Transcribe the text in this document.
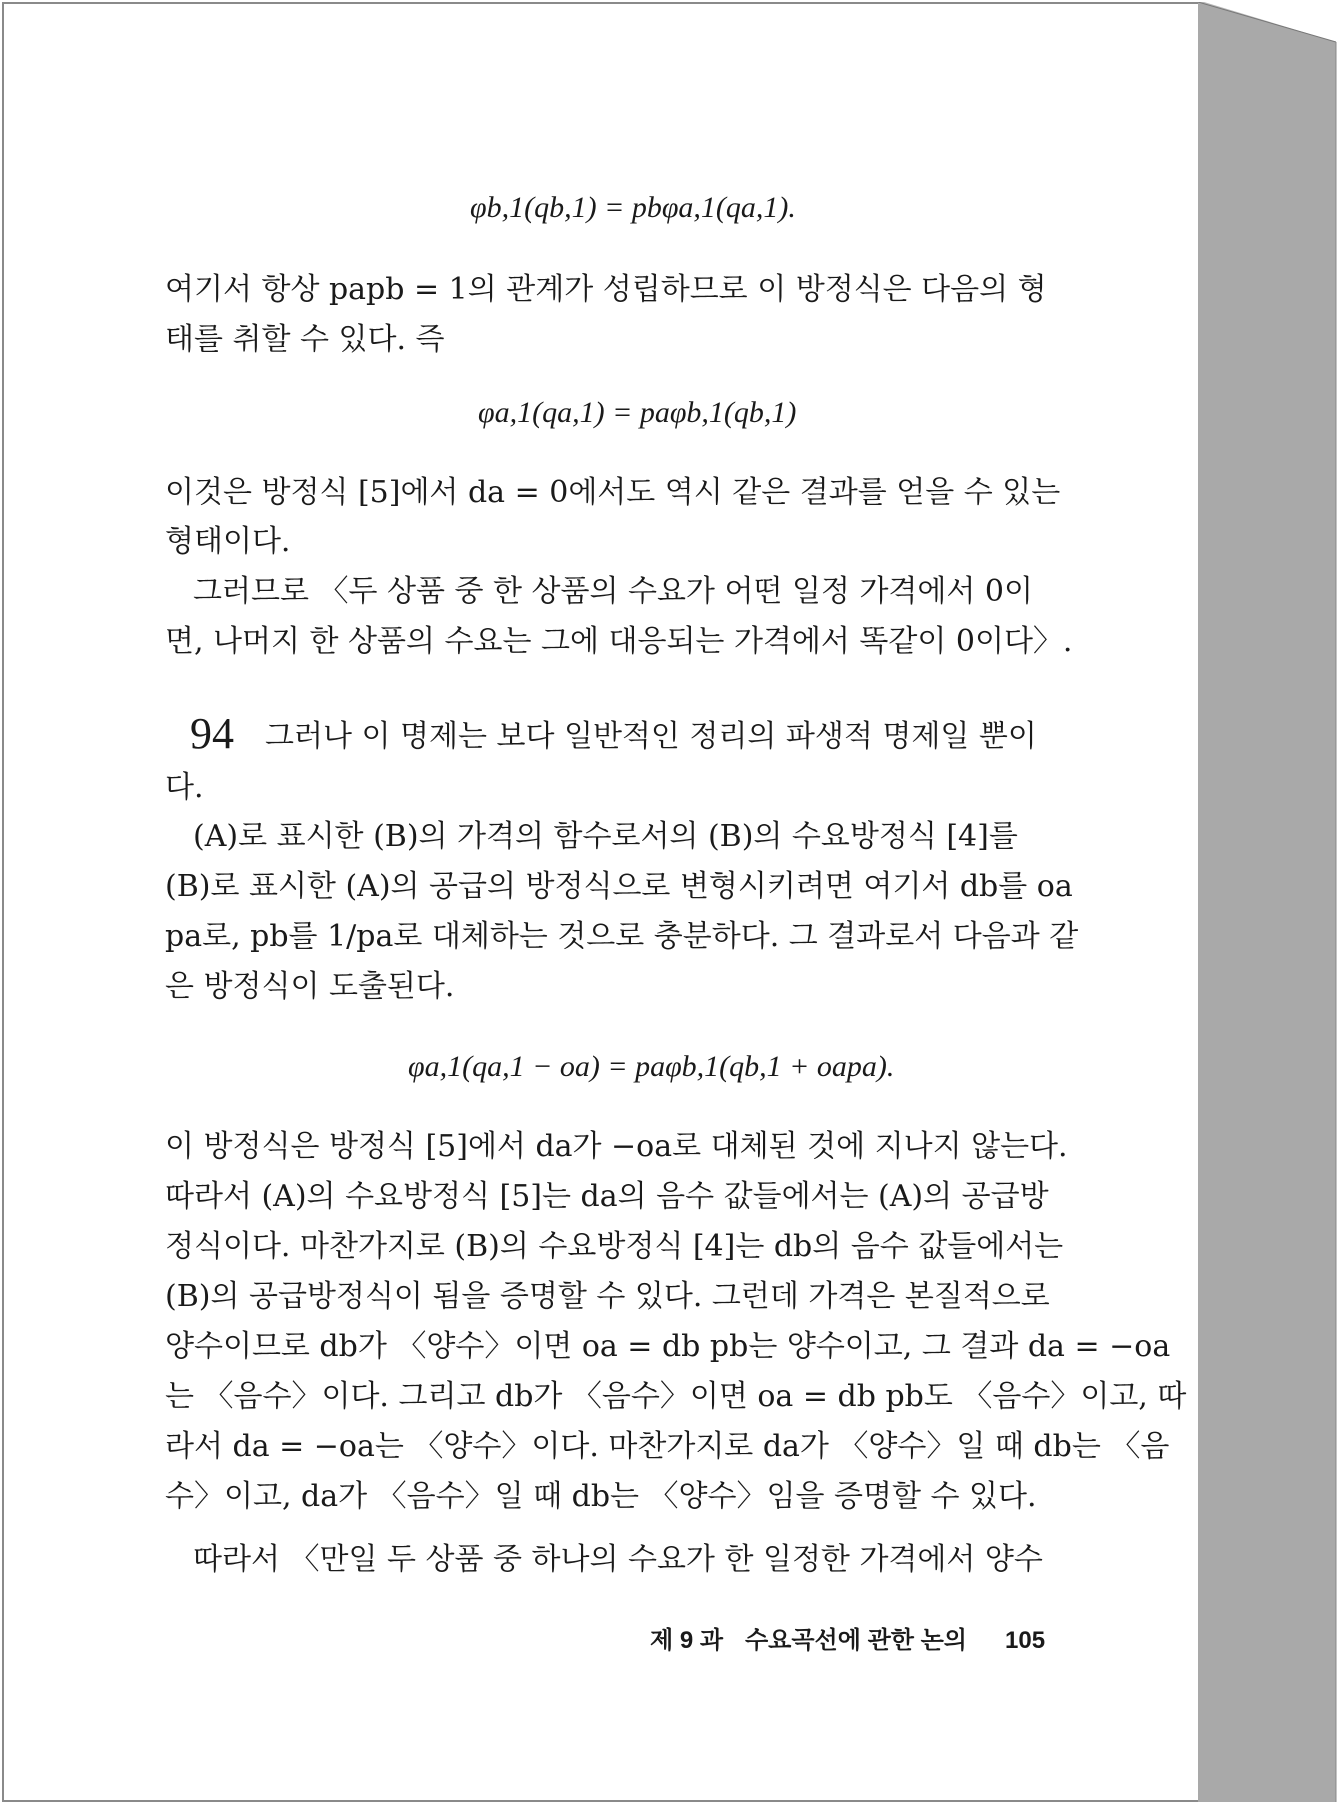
φb,1(qb,1) = pbφa,1(qa,1).
여기서 항상 papb = 1의 관계가 성립하므로 이 방정식은 다음의 형
태를 취할 수 있다. 즉
φa,1(qa,1) = paφb,1(qb,1)
이것은 방정식 [5]에서 da = 0에서도 역시 같은 결과를 얻을 수 있는
형태이다.
그러므로 〈두 상품 중 한 상품의 수요가 어떤 일정 가격에서 0이
면, 나머지 한 상품의 수요는 그에 대응되는 가격에서 똑같이 0이다〉.
94 그러나 이 명제는 보다 일반적인 정리의 파생적 명제일 뿐이
다.
(A)로 표시한 (B)의 가격의 함수로서의 (B)의 수요방정식 [4]를
(B)로 표시한 (A)의 공급의 방정식으로 변형시키려면 여기서 db를 oa
pa로, pb를 1/pa로 대체하는 것으로 충분하다. 그 결과로서 다음과 같
은 방정식이 도출된다.
φa,1(qa,1 − oa) = paφb,1(qb,1 + oapa).
이 방정식은 방정식 [5]에서 da가 −oa로 대체된 것에 지나지 않는다.
따라서 (A)의 수요방정식 [5]는 da의 음수 값들에서는 (A)의 공급방
정식이다. 마찬가지로 (B)의 수요방정식 [4]는 db의 음수 값들에서는
(B)의 공급방정식이 됨을 증명할 수 있다. 그런데 가격은 본질적으로
양수이므로 db가 〈양수〉이면 oa = db pb는 양수이고, 그 결과 da = −oa
는 〈음수〉이다. 그리고 db가 〈음수〉이면 oa = db pb도 〈음수〉이고, 따
라서 da = −oa는 〈양수〉이다. 마찬가지로 da가 〈양수〉일 때 db는 〈음
수〉이고, da가 〈음수〉일 때 db는 〈양수〉임을 증명할 수 있다.
따라서 〈만일 두 상품 중 하나의 수요가 한 일정한 가격에서 양수
제 9 과 수요곡선에 관한 논의 105
